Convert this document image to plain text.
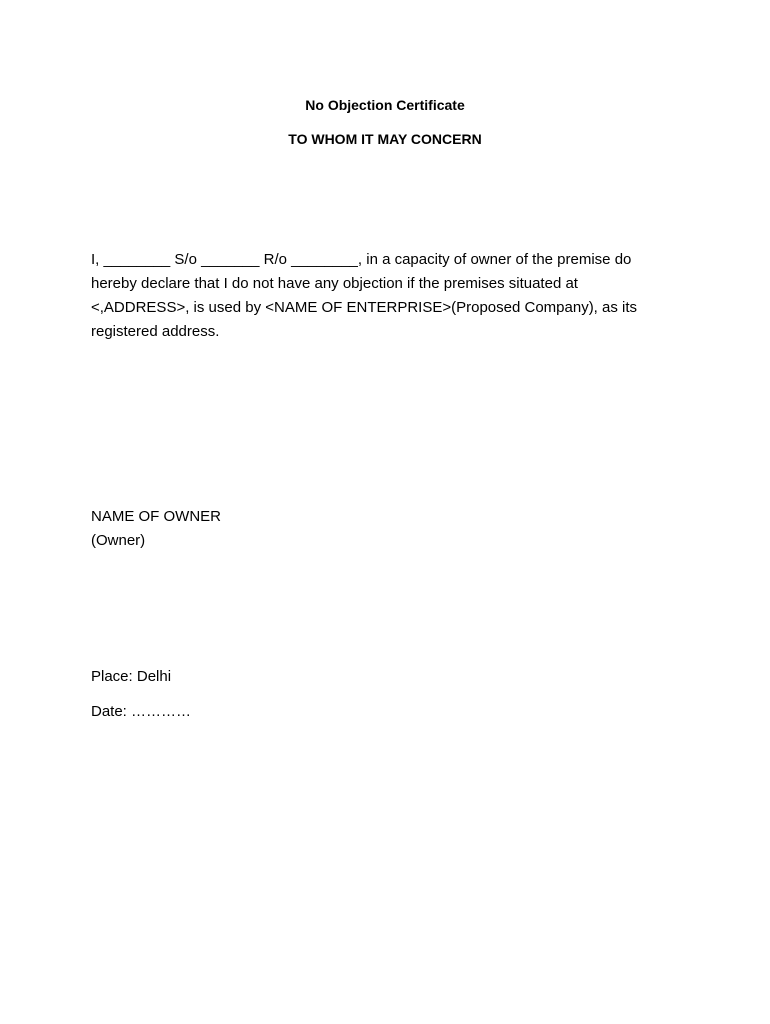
No Objection Certificate
TO WHOM IT MAY CONCERN
I, ________ S/o _______ R/o ________, in a capacity of owner of the premise do
hereby declare that I do not have any objection if the premises situated at
<,ADDRESS>, is used by <NAME OF ENTERPRISE>(Proposed Company), as its
registered address.
NAME OF OWNER
(Owner)
Place: Delhi
Date: …………
